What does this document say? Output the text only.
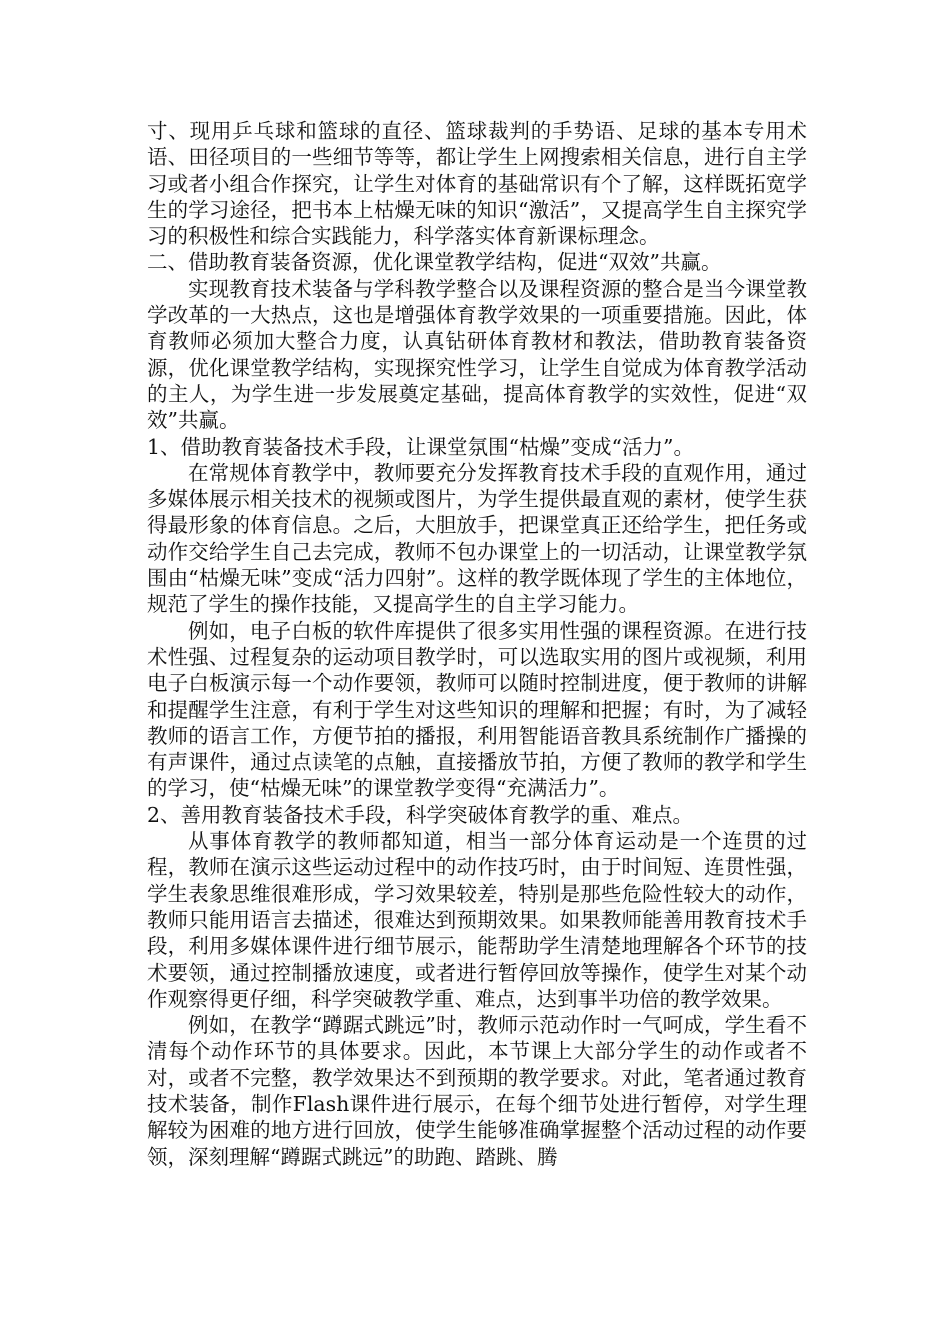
寸、现用乒乓球和篮球的直径、篮球裁判的手势语、足球的基本专用术语、田径项目的一些细节等等，都让学生上网搜索相关信息，进行自主学习或者小组合作探究，让学生对体育的基础常识有个了解，这样既拓宽学生的学习途径，把书本上枯燥无味的知识“激活”，又提高学生自主探究学习的积极性和综合实践能力，科学落实体育新课标理念。

二、借助教育装备资源，优化课堂教学结构，促进“双效”共赢。

实现教育技术装备与学科教学整合以及课程资源的整合是当今课堂教学改革的一大热点，这也是增强体育教学效果的一项重要措施。因此，体育教师必须加大整合力度，认真钻研体育教材和教法，借助教育装备资源，优化课堂教学结构，实现探究性学习，让学生自觉成为体育教学活动的主人，为学生进一步发展奠定基础，提高体育教学的实效性，促进“双效”共赢。

1、借助教育装备技术手段，让课堂氛围“枯燥”变成“活力”。

在常规体育教学中，教师要充分发挥教育技术手段的直观作用，通过多媒体展示相关技术的视频或图片，为学生提供最直观的素材，使学生获得最形象的体育信息。之后，大胆放手，把课堂真正还给学生，把任务或动作交给学生自己去完成，教师不包办课堂上的一切活动，让课堂教学氛围由“枯燥无味”变成“活力四射”。这样的教学既体现了学生的主体地位，规范了学生的操作技能，又提高学生的自主学习能力。

例如，电子白板的软件库提供了很多实用性强的课程资源。在进行技术性强、过程复杂的运动项目教学时，可以选取实用的图片或视频，利用电子白板演示每一个动作要领，教师可以随时控制进度，便于教师的讲解和提醒学生注意，有利于学生对这些知识的理解和把握；有时，为了减轻教师的语言工作，方便节拍的播报，利用智能语音教具系统制作广播操的有声课件，通过点读笔的点触，直接播放节拍，方便了教师的教学和学生的学习，使“枯燥无味”的课堂教学变得“充满活力”。

2、善用教育装备技术手段，科学突破体育教学的重、难点。

从事体育教学的教师都知道，相当一部分体育运动是一个连贯的过程，教师在演示这些运动过程中的动作技巧时，由于时间短、连贯性强，学生表象思维很难形成，学习效果较差，特别是那些危险性较大的动作，教师只能用语言去描述，很难达到预期效果。如果教师能善用教育技术手段，利用多媒体课件进行细节展示，能帮助学生清楚地理解各个环节的技术要领，通过控制播放速度，或者进行暂停回放等操作，使学生对某个动作观察得更仔细，科学突破教学重、难点，达到事半功倍的教学效果。

例如，在教学“蹲踞式跳远”时，教师示范动作时一气呵成，学生看不清每个动作环节的具体要求。因此，本节课上大部分学生的动作或者不对，或者不完整，教学效果达不到预期的教学要求。对此，笔者通过教育技术装备，制作Flash课件进行展示，在每个细节处进行暂停，对学生理解较为困难的地方进行回放，使学生能够准确掌握整个活动过程的动作要领，深刻理解“蹲踞式跳远”的助跑、踏跳、腾
